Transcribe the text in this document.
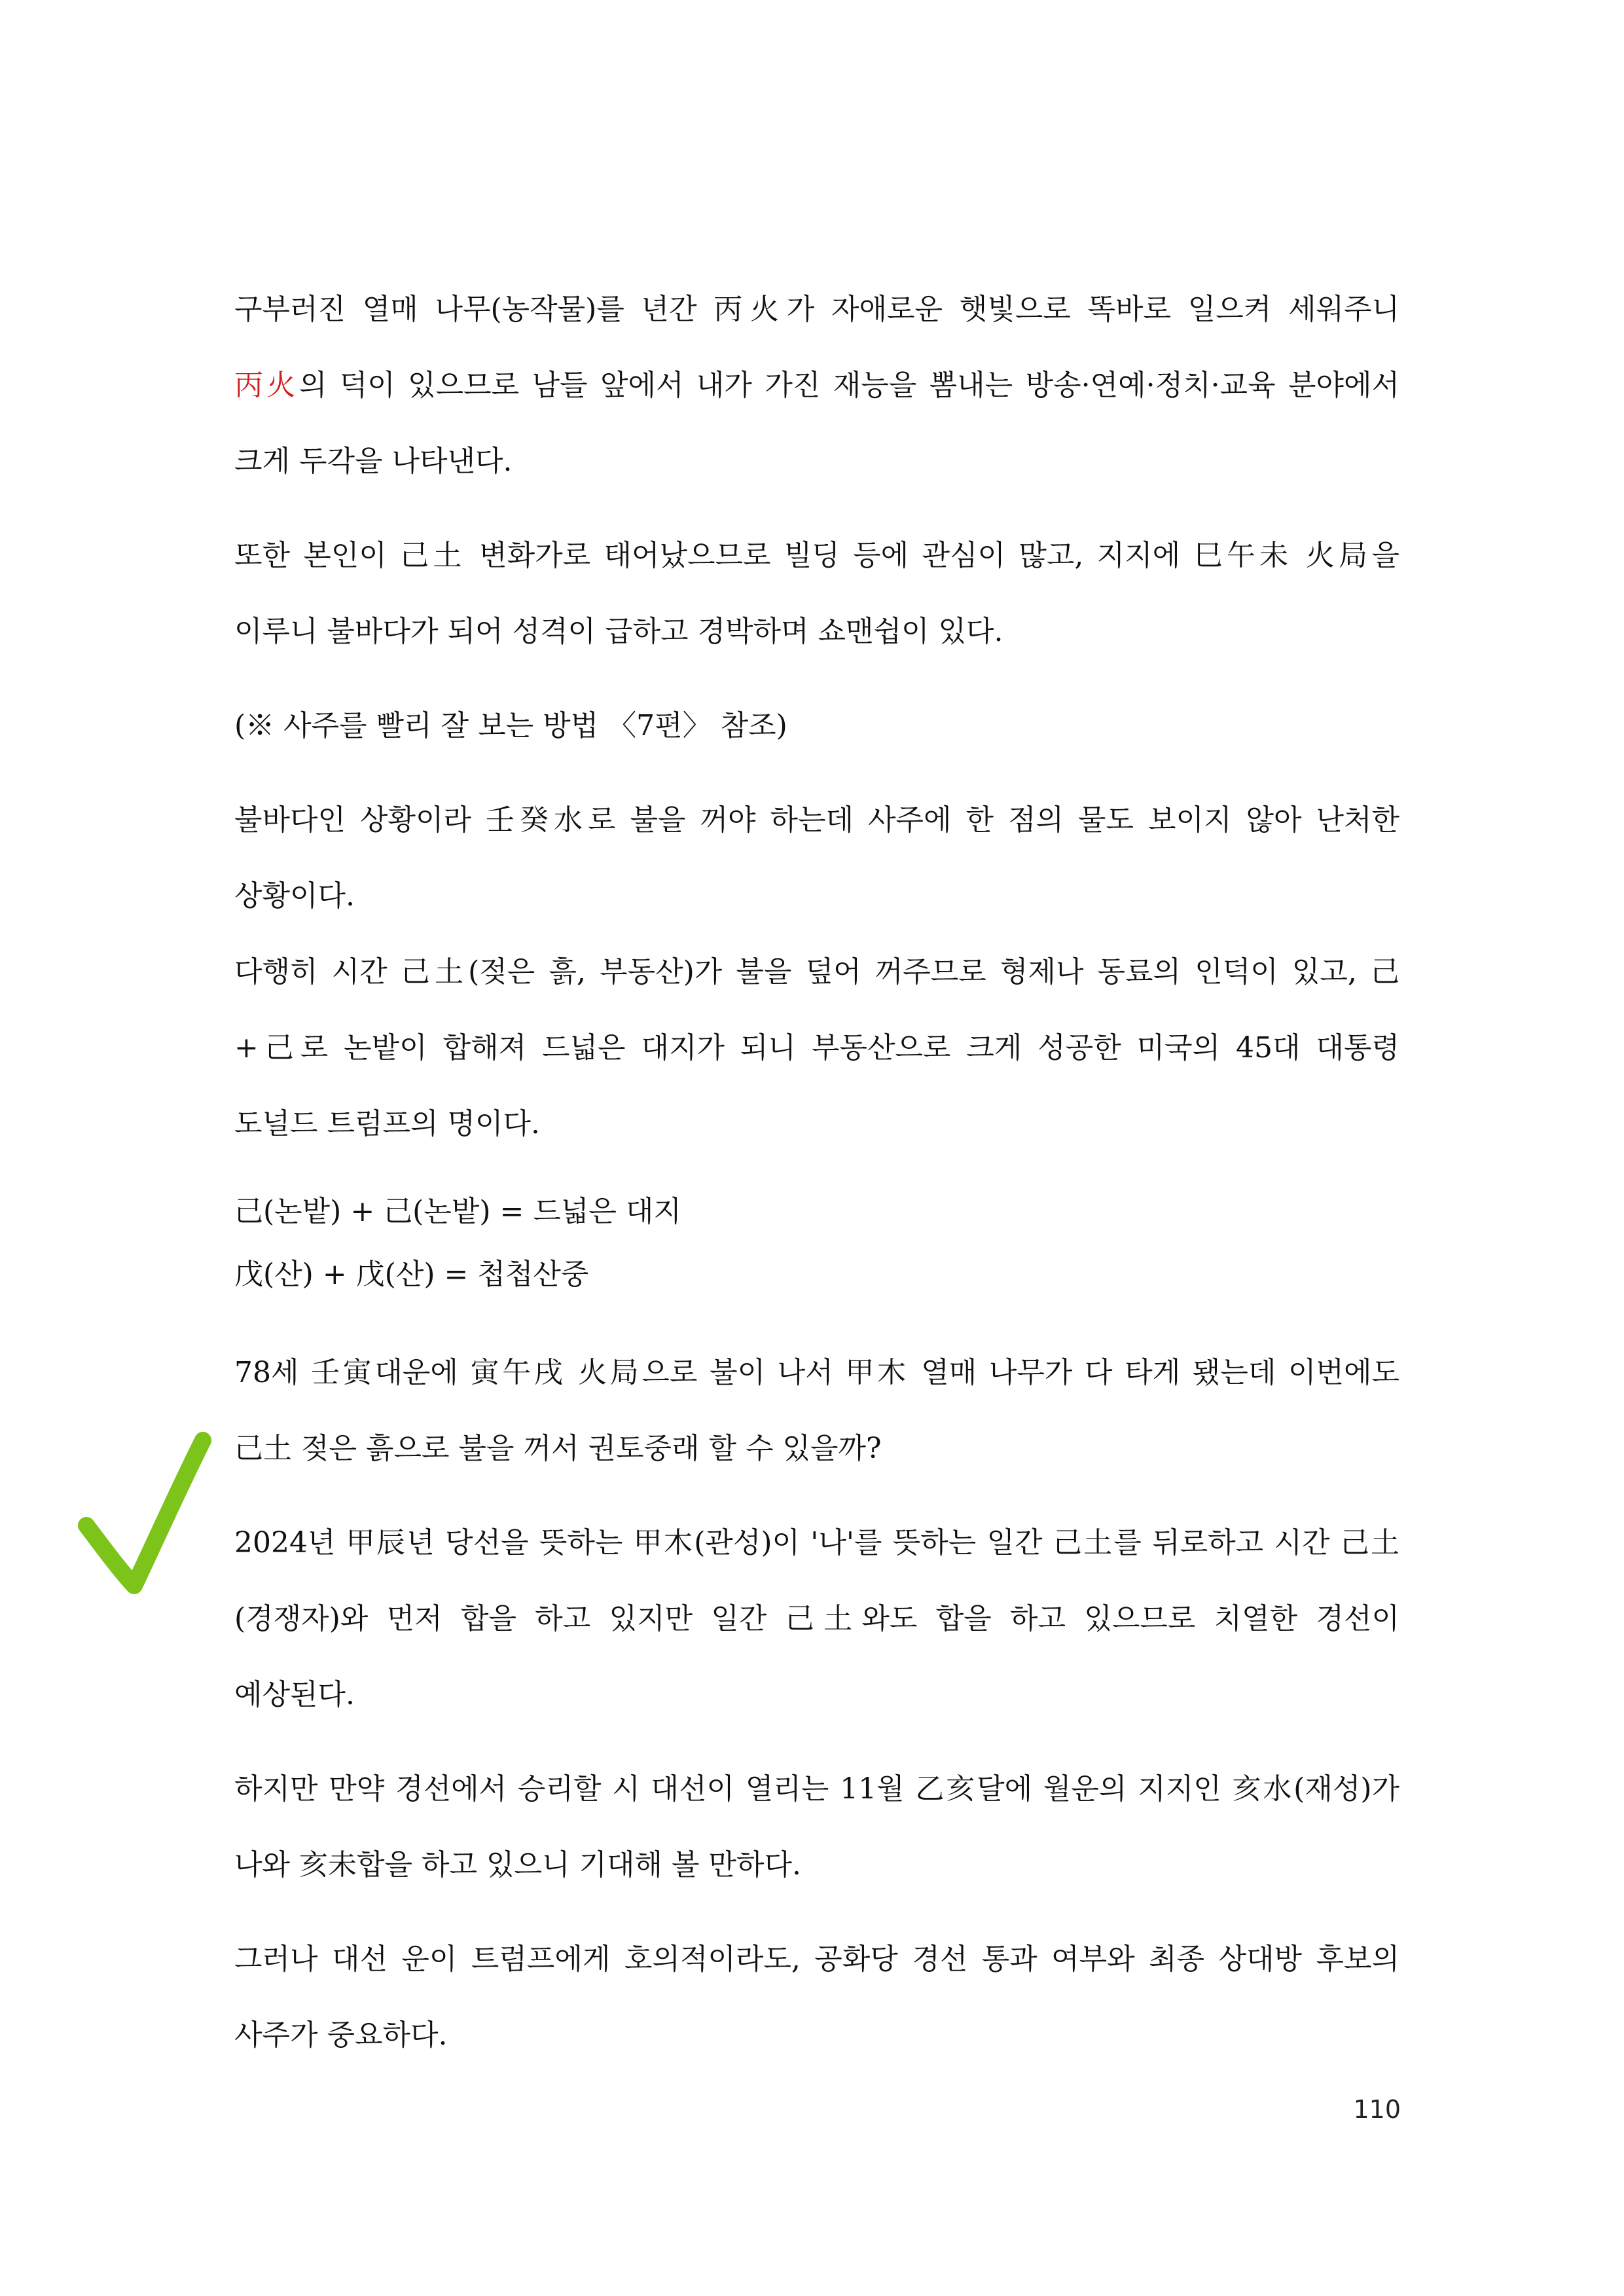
구부러진 열매 나무(농작물)를 년간 丙火가 자애로운 햇빛으로 똑바로 일으켜 세워주니 丙火의 덕이 있으므로 남들 앞에서 내가 가진 재능을 뽐내는 방송·연예·정치·교육 분야에서 크게 두각을 나타낸다.

또한 본인이 己土 변화가로 태어났으므로 빌딩 등에 관심이 많고, 지지에 巳午未 火局을 이루니 불바다가 되어 성격이 급하고 경박하며 쇼맨쉽이 있다.

(※ 사주를 빨리 잘 보는 방법 〈7편〉 참조)

불바다인 상황이라 壬癸水로 불을 꺼야 하는데 사주에 한 점의 물도 보이지 않아 난처한 상황이다.

다행히 시간 己土(젖은 흙, 부동산)가 불을 덮어 꺼주므로 형제나 동료의 인덕이 있고, 己+己로 논밭이 합해져 드넓은 대지가 되니 부동산으로 크게 성공한 미국의 45대 대통령 도널드 트럼프의 명이다.

己(논밭) + 己(논밭) = 드넓은 대지

戊(산) + 戊(산) = 첩첩산중

78세 壬寅대운에 寅午戌 火局으로 불이 나서 甲木 열매 나무가 다 타게 됐는데 이번에도 己土 젖은 흙으로 불을 꺼서 권토중래 할 수 있을까?

2024년 甲辰년 당선을 뜻하는 甲木(관성)이 '나'를 뜻하는 일간 己土를 뒤로하고 시간 己土(경쟁자)와 먼저 합을 하고 있지만 일간 己土와도 합을 하고 있으므로 치열한 경선이 예상된다.

하지만 만약 경선에서 승리할 시 대선이 열리는 11월 乙亥달에 월운의 지지인 亥水(재성)가 나와 亥未합을 하고 있으니 기대해 볼 만하다.

그러나 대선 운이 트럼프에게 호의적이라도, 공화당 경선 통과 여부와 최종 상대방 후보의 사주가 중요하다.

110
